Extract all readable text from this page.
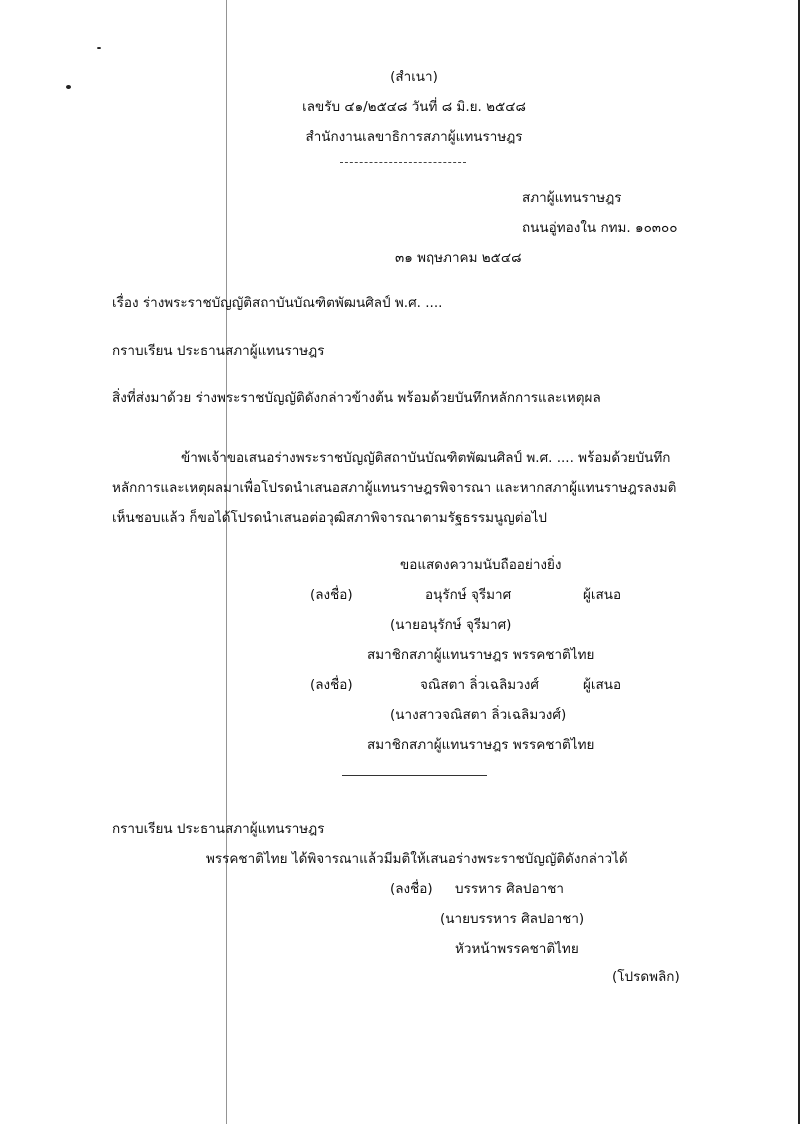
(สำเนา)
เลขรับ ๔๑/๒๕๔๘ วันที่ ๘ มิ.ย. ๒๕๔๘
สำนักงานเลขาธิการสภาผู้แทนราษฎร
สภาผู้แทนราษฎร
ถนนอู่ทองใน กทม. ๑๐๓๐๐
๓๑ พฤษภาคม ๒๕๔๘
เรื่อง ร่างพระราชบัญญัติสถาบันบัณฑิตพัฒนศิลป์ พ.ศ. ....
กราบเรียน ประธานสภาผู้แทนราษฎร
สิ่งที่ส่งมาด้วย ร่างพระราชบัญญัติดังกล่าวข้างต้น พร้อมด้วยบันทึกหลักการและเหตุผล
ข้าพเจ้าขอเสนอร่างพระราชบัญญัติสถาบันบัณฑิตพัฒนศิลป์ พ.ศ. .... พร้อมด้วยบันทึก
หลักการและเหตุผลมาเพื่อโปรดนำเสนอสภาผู้แทนราษฎรพิจารณา และหากสภาผู้แทนราษฎรลงมติ
เห็นชอบแล้ว ก็ขอได้โปรดนำเสนอต่อวุฒิสภาพิจารณาตามรัฐธรรมนูญต่อไป
ขอแสดงความนับถืออย่างยิ่ง
(ลงชื่อ)	อนุรักษ์ จุรีมาศ	ผู้เสนอ
(นายอนุรักษ์ จุรีมาศ)
สมาชิกสภาผู้แทนราษฎร พรรคชาติไทย
(ลงชื่อ)	จณิสตา ลิ่วเฉลิมวงศ์	ผู้เสนอ
(นางสาวจณิสตา ลิ่วเฉลิมวงศ์)
สมาชิกสภาผู้แทนราษฎร พรรคชาติไทย
กราบเรียน ประธานสภาผู้แทนราษฎร
พรรคชาติไทย ได้พิจารณาแล้วมีมติให้เสนอร่างพระราชบัญญัติดังกล่าวได้
(ลงชื่อ) บรรหาร ศิลปอาชา
(นายบรรหาร ศิลปอาชา)
หัวหน้าพรรคชาติไทย
(โปรดพลิก)
